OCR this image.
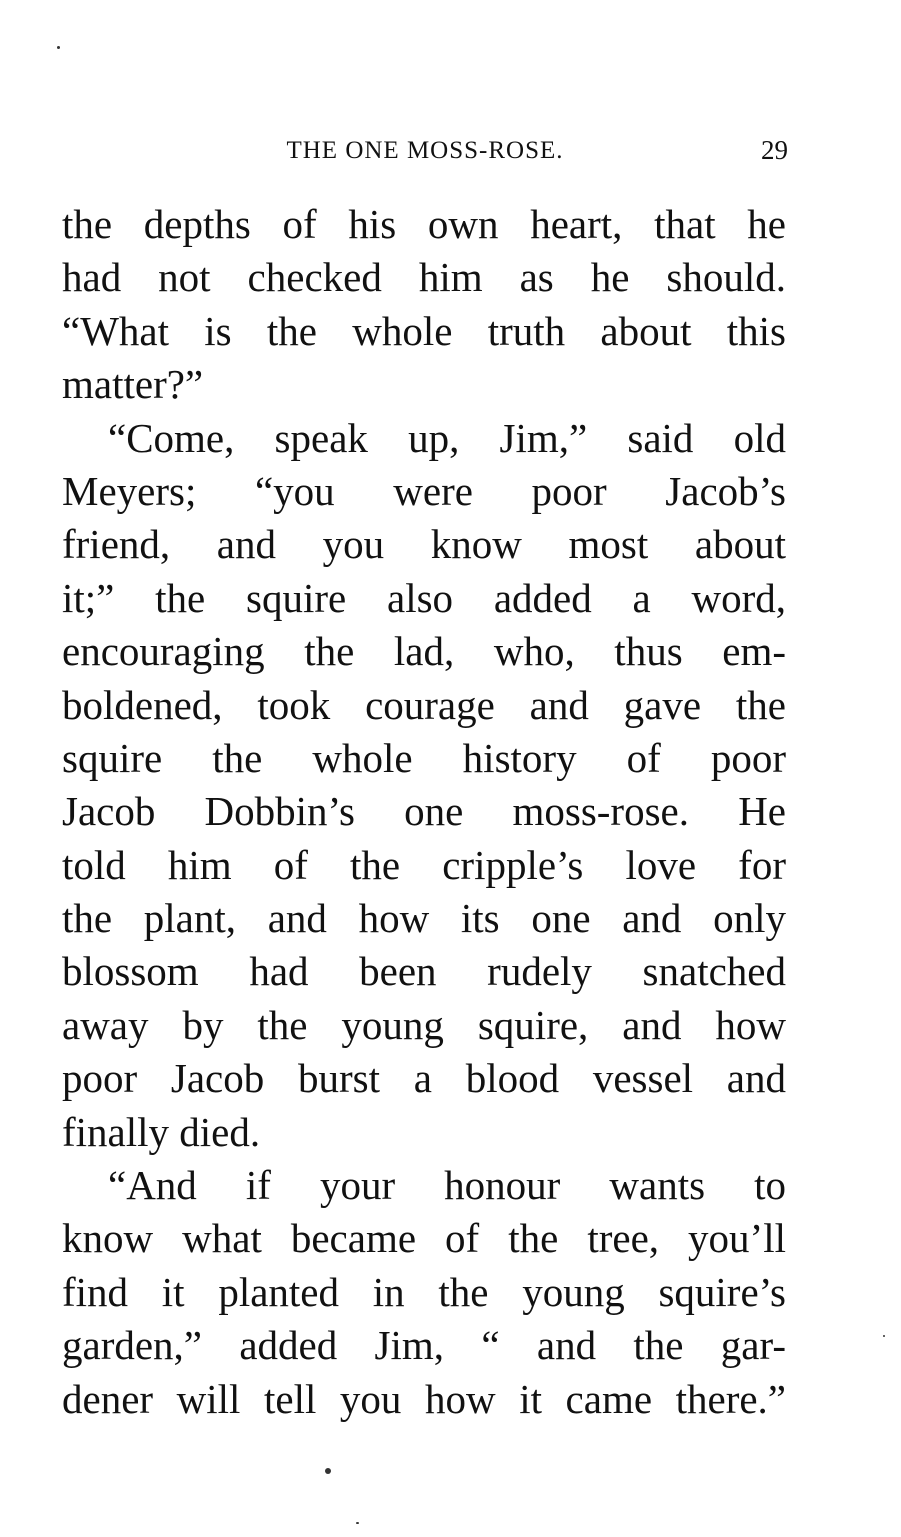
THE ONE MOSS-ROSE.	29
the depths of his own heart, that he
had not checked him as he should.
“What is the whole truth about this
matter?”
“Come, speak up, Jim,” said old
Meyers; “you were poor Jacob’s
friend, and you know most about
it;” the squire also added a word,
encouraging the lad, who, thus em-
boldened, took courage and gave the
squire the whole history of poor
Jacob Dobbin’s one moss-rose. He
told him of the cripple’s love for
the plant, and how its one and only
blossom had been rudely snatched
away by the young squire, and how
poor Jacob burst a blood vessel and
finally died.
“And if your honour wants to
know what became of the tree, you’ll
find it planted in the young squire’s
garden,” added Jim, “ and the gar-
dener will tell you how it came there.”
